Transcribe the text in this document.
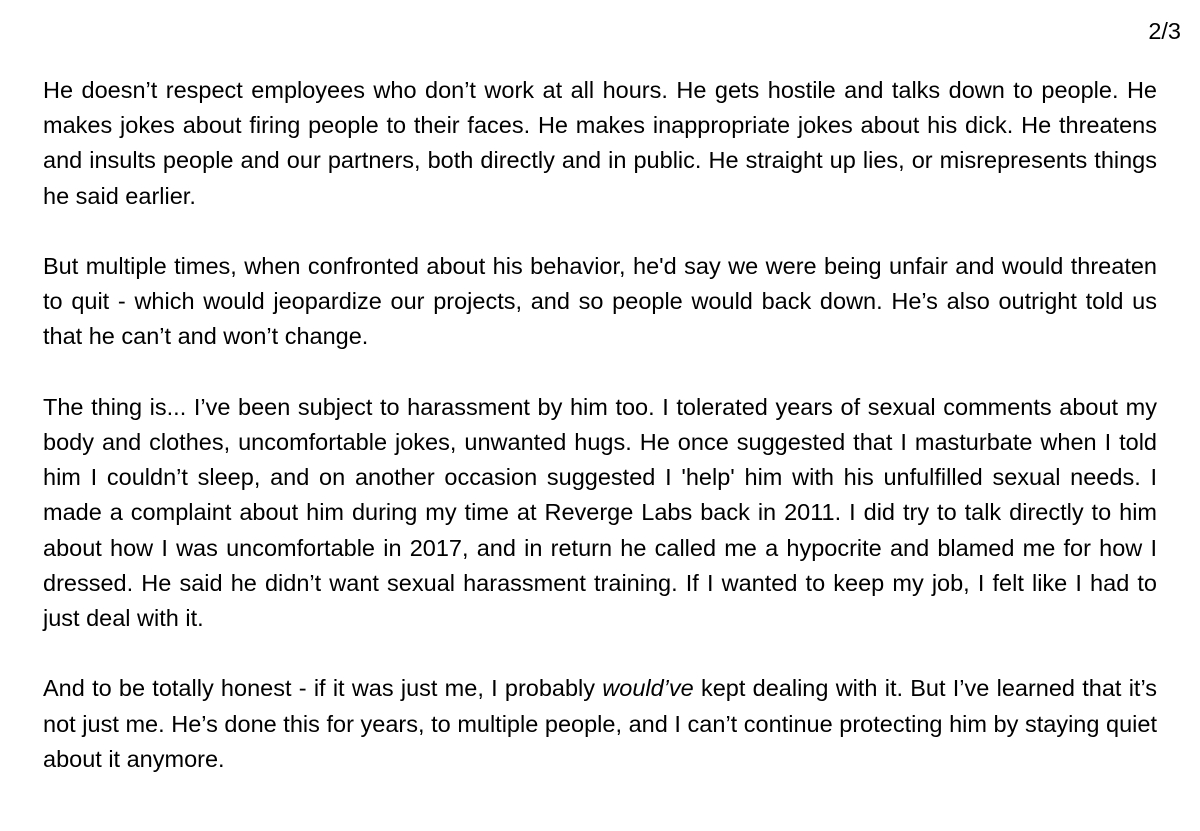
2/3

He doesn’t respect employees who don’t work at all hours. He gets hostile and talks down to people. He makes jokes about firing people to their faces. He makes inappropriate jokes about his dick. He threatens and insults people and our partners, both directly and in public. He straight up lies, or misrepresents things he said earlier.

But multiple times, when confronted about his behavior, he'd say we were being unfair and would threaten to quit - which would jeopardize our projects, and so people would back down. He’s also outright told us that he can’t and won’t change.

The thing is... I’ve been subject to harassment by him too. I tolerated years of sexual comments about my body and clothes, uncomfortable jokes, unwanted hugs. He once suggested that I masturbate when I told him I couldn’t sleep, and on another occasion suggested I 'help' him with his unfulfilled sexual needs. I made a complaint about him during my time at Reverge Labs back in 2011. I did try to talk directly to him about how I was uncomfortable in 2017, and in return he called me a hypocrite and blamed me for how I dressed. He said he didn’t want sexual harassment training. If I wanted to keep my job, I felt like I had to just deal with it.

And to be totally honest - if it was just me, I probably would’ve kept dealing with it. But I’ve learned that it’s not just me. He’s done this for years, to multiple people, and I can’t continue protecting him by staying quiet about it anymore.
